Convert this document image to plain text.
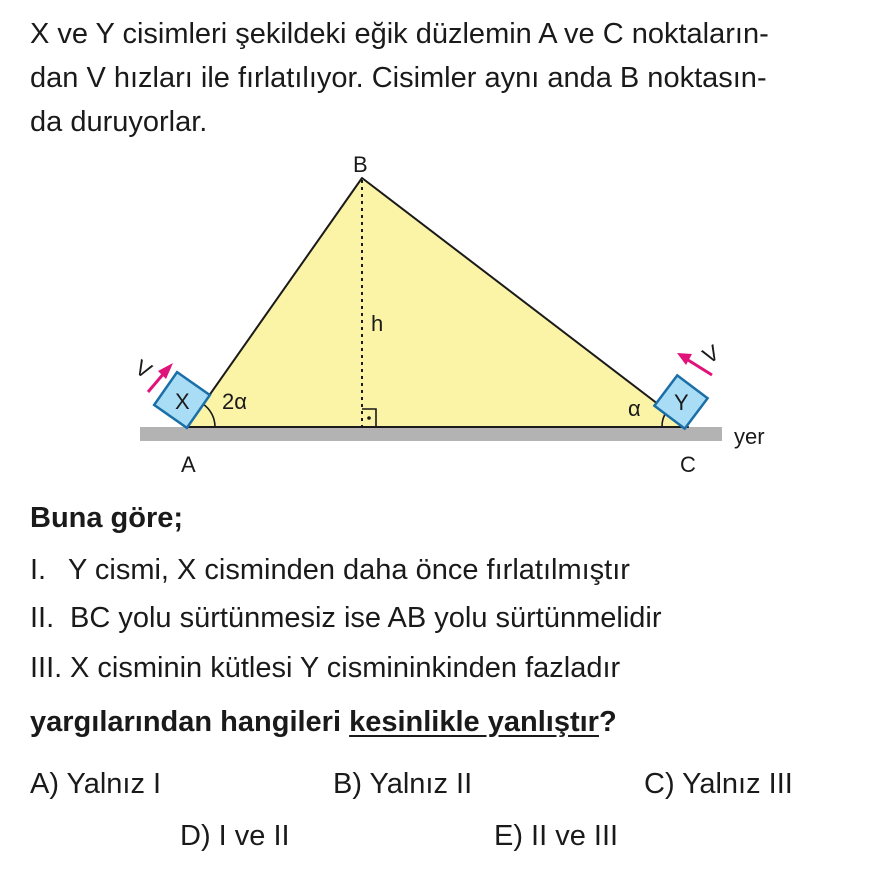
X ve Y cisimleri şekildeki eğik düzlemin A ve C noktaların-
dan V hızları ile fırlatılıyor. Cisimler aynı anda B noktasın-
da duruyorlar.
B
A	C
h
yer
X	Y
2α	α
V
V
Buna göre;
I. Y cismi, X cisminden daha önce fırlatılmıştır
II. BC yolu sürtünmesiz ise AB yolu sürtünmelidir
III. X cisminin kütlesi Y cismininkinden fazladır
yargılarından hangileri kesinlikle yanlıştır?
A) Yalnız I	B) Yalnız II	C) Yalnız III
D) I ve II	E) II ve III
